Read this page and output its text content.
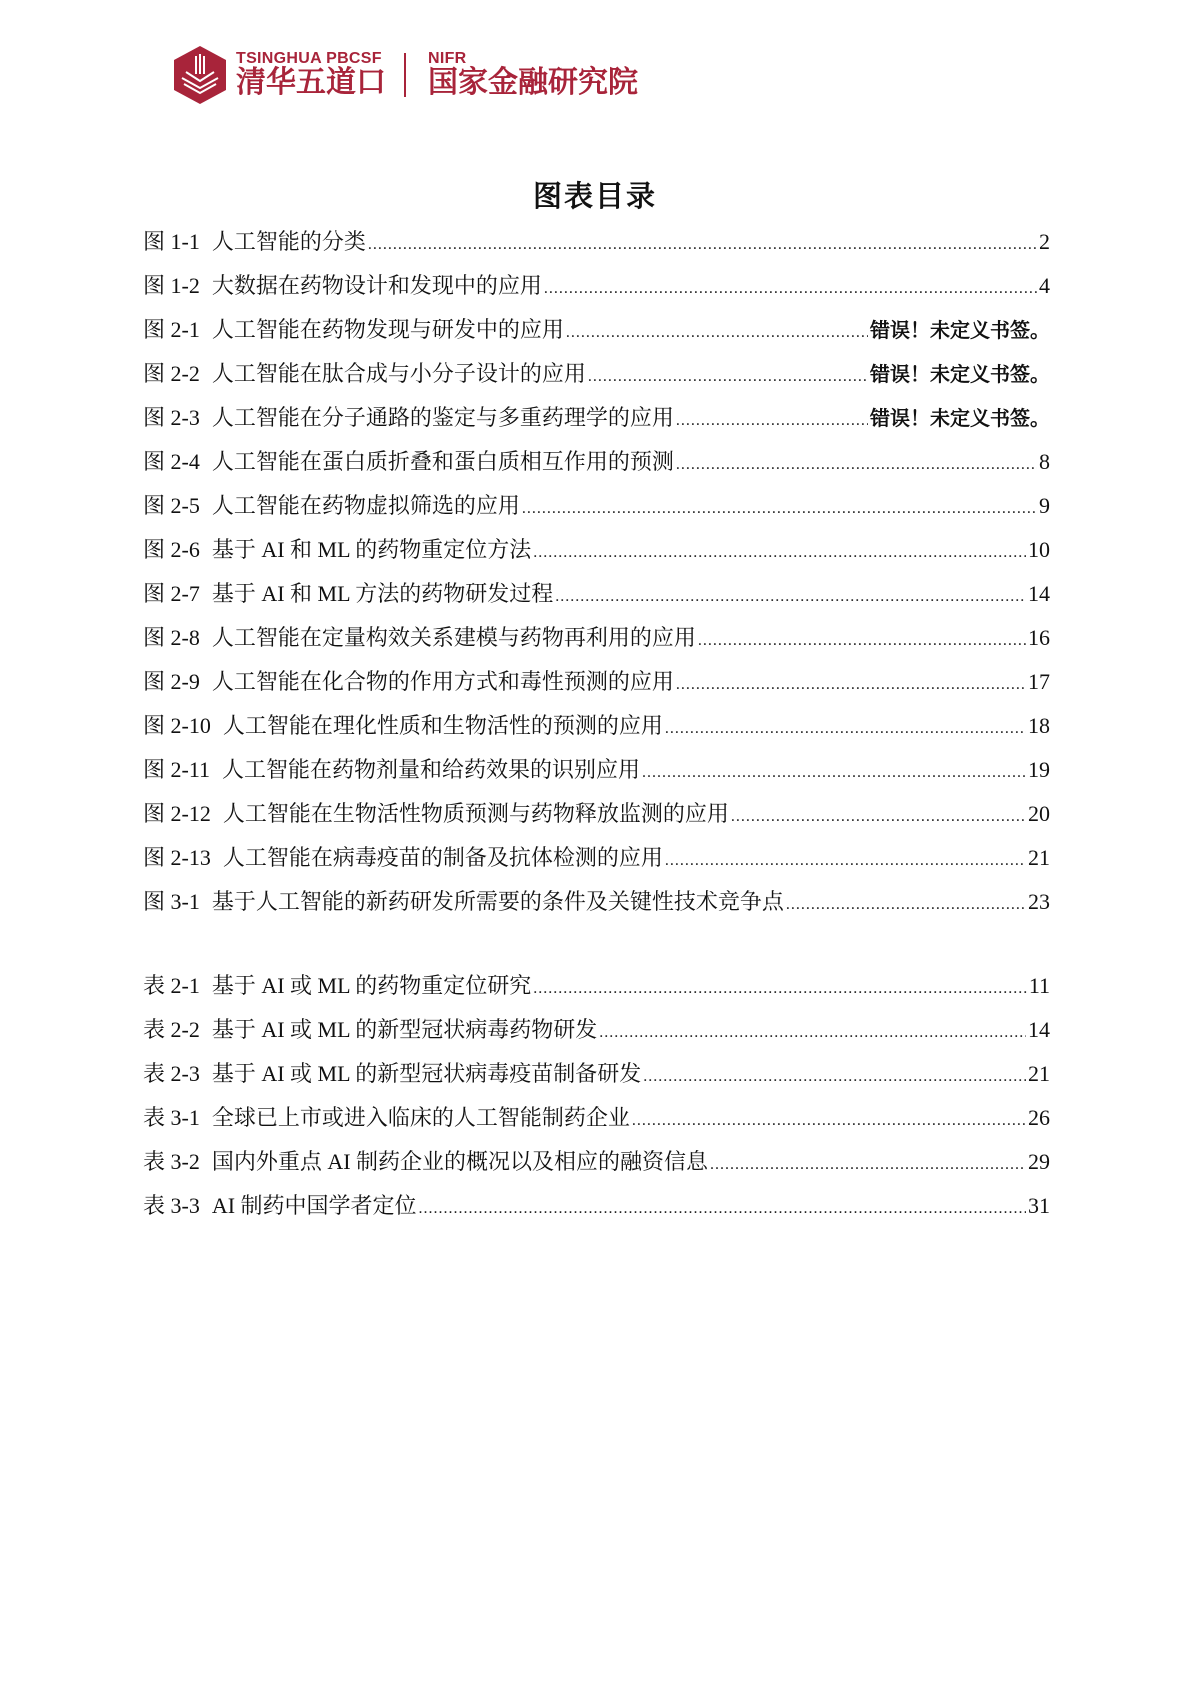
TSINGHUA PBCSF
清华五道口
NIFR
国家金融研究院
图表目录
图 1-1 人工智能的分类 .....	2
图 1-2 大数据在药物设计和发现中的应用 .....	4
图 2-1 人工智能在药物发现与研发中的应用 .....	错误！未定义书签。
图 2-2 人工智能在肽合成与小分子设计的应用 .....	错误！未定义书签。
图 2-3 人工智能在分子通路的鉴定与多重药理学的应用 .....	错误！未定义书签。
图 2-4 人工智能在蛋白质折叠和蛋白质相互作用的预测 .....	8
图 2-5 人工智能在药物虚拟筛选的应用 .....	9
图 2-6 基于 AI 和 ML 的药物重定位方法 .....	10
图 2-7 基于 AI 和 ML 方法的药物研发过程 .....	14
图 2-8 人工智能在定量构效关系建模与药物再利用的应用 .....	16
图 2-9 人工智能在化合物的作用方式和毒性预测的应用 .....	17
图 2-10 人工智能在理化性质和生物活性的预测的应用 .....	18
图 2-11 人工智能在药物剂量和给药效果的识别应用 .....	19
图 2-12 人工智能在生物活性物质预测与药物释放监测的应用 .....	20
图 2-13 人工智能在病毒疫苗的制备及抗体检测的应用 .....	21
图 3-1 基于人工智能的新药研发所需要的条件及关键性技术竞争点 .....	23
表 2-1 基于 AI 或 ML 的药物重定位研究 .....	11
表 2-2 基于 AI 或 ML 的新型冠状病毒药物研发 .....	14
表 2-3 基于 AI 或 ML 的新型冠状病毒疫苗制备研发 .....	21
表 3-1 全球已上市或进入临床的人工智能制药企业 .....	26
表 3-2 国内外重点 AI 制药企业的概况以及相应的融资信息 .....	29
表 3-3 AI 制药中国学者定位 .....	31
